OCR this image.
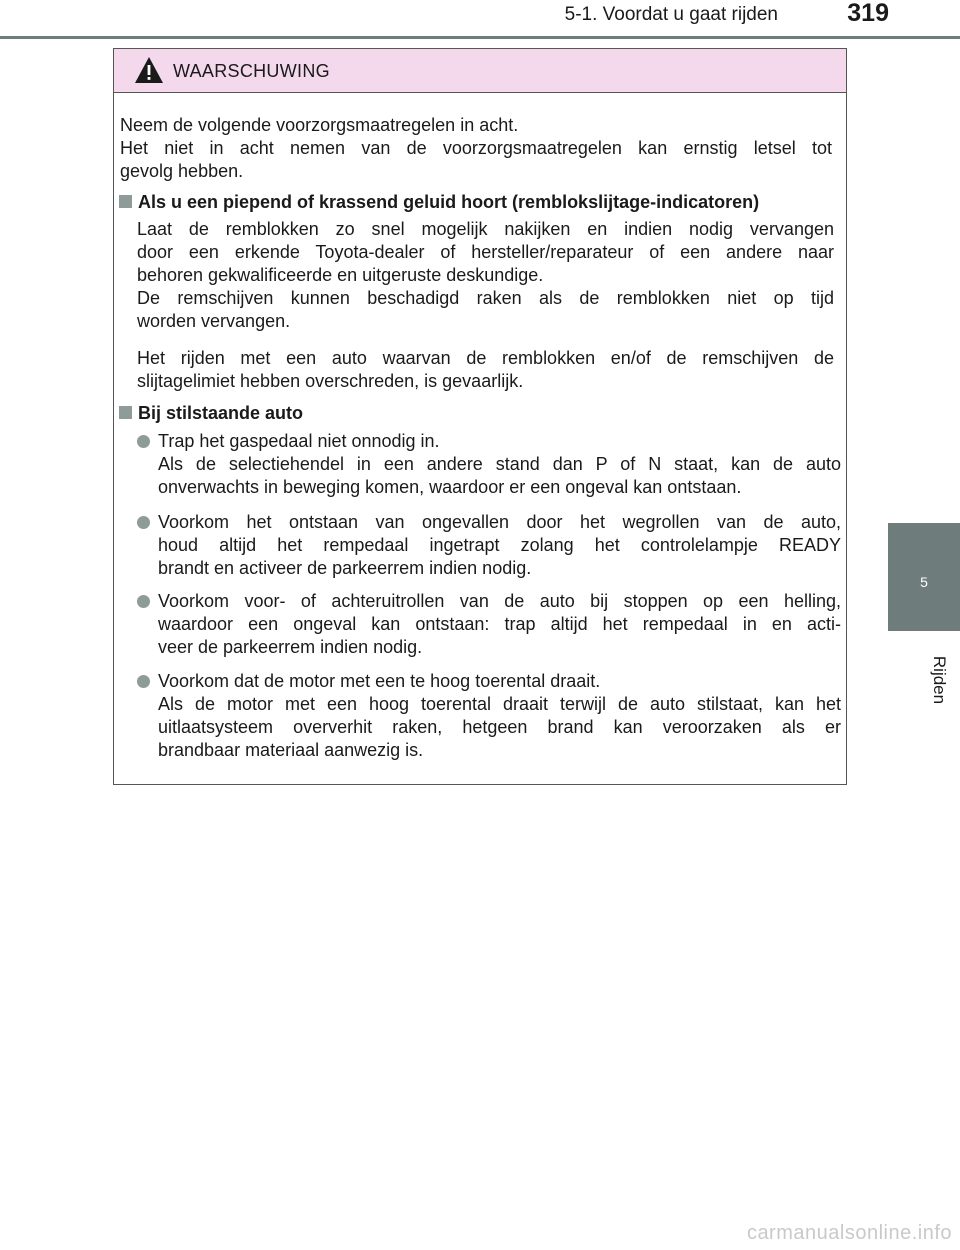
5-1. Voordat u gaat rijden	319
5
Rijden
WAARSCHUWING
Neem de volgende voorzorgsmaatregelen in acht.
Het niet in acht nemen van de voorzorgsmaatregelen kan ernstig letsel tot
gevolg hebben.
Als u een piepend of krassend geluid hoort (remblokslijtage-indicatoren)
Laat de remblokken zo snel mogelijk nakijken en indien nodig vervangen
door een erkende Toyota-dealer of hersteller/reparateur of een andere naar
behoren gekwalificeerde en uitgeruste deskundige.
De remschijven kunnen beschadigd raken als de remblokken niet op tijd
worden vervangen.
Het rijden met een auto waarvan de remblokken en/of de remschijven de
slijtagelimiet hebben overschreden, is gevaarlijk.
Bij stilstaande auto
Trap het gaspedaal niet onnodig in.
Als de selectiehendel in een andere stand dan P of N staat, kan de auto
onverwachts in beweging komen, waardoor er een ongeval kan ontstaan.
Voorkom het ontstaan van ongevallen door het wegrollen van de auto,
houd altijd het rempedaal ingetrapt zolang het controlelampje READY
brandt en activeer de parkeerrem indien nodig.
Voorkom voor- of achteruitrollen van de auto bij stoppen op een helling,
waardoor een ongeval kan ontstaan: trap altijd het rempedaal in en acti-
veer de parkeerrem indien nodig.
Voorkom dat de motor met een te hoog toerental draait.
Als de motor met een hoog toerental draait terwijl de auto stilstaat, kan het
uitlaatsysteem oververhit raken, hetgeen brand kan veroorzaken als er
brandbaar materiaal aanwezig is.
carmanualsonline.info
